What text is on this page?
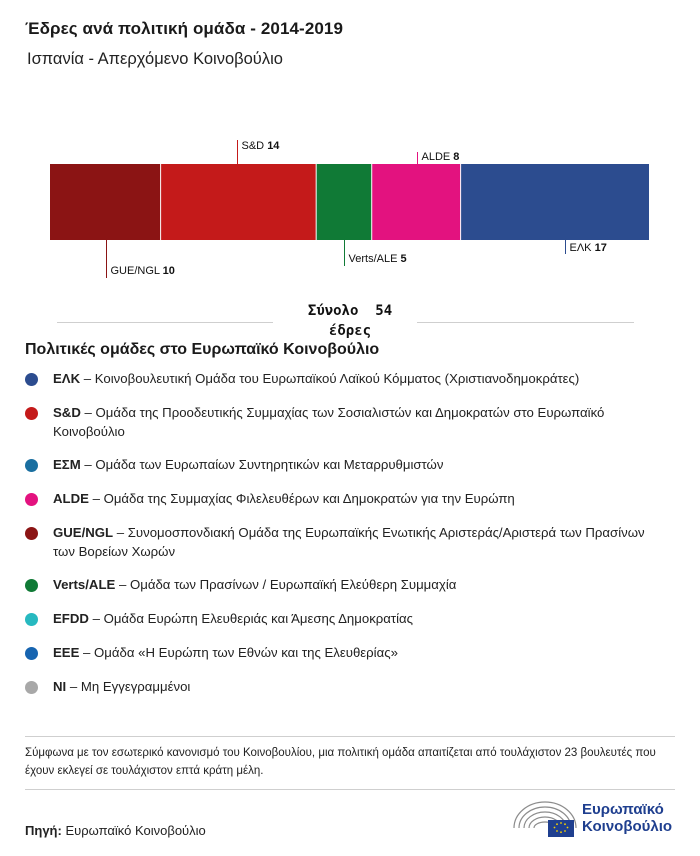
Έδρες ανά πολιτική ομάδα - 2014-2019
Ισπανία - Απερχόμενο Κοινοβούλιο
GUE/NGL 10
S&D 14
Verts/ALE 5
ALDE 8
ΕΛΚ 17
Σύνολο 54
έδρες
Πολιτικές ομάδες στο Ευρωπαϊκό Κοινοβούλιο
ΕΛΚ – Κοινοβουλευτική Ομάδα του Ευρωπαϊκού Λαϊκού Κόμματος (Χριστιανοδημοκράτες)
S&D – Ομάδα της Προοδευτικής Συμμαχίας των Σοσιαλιστών και Δημοκρατών στο Ευρωπαϊκό Κοινοβούλιο
ΕΣΜ – Ομάδα των Ευρωπαίων Συντηρητικών και Μεταρρυθμιστών
ALDE – Ομάδα της Συμμαχίας Φιλελευθέρων και Δημοκρατών για την Ευρώπη
GUE/NGL – Συνομοσπονδιακή Ομάδα της Ευρωπαϊκής Ενωτικής Αριστεράς/Αριστερά των Πρασίνων των Βορείων Χωρών
Verts/ALE – Ομάδα των Πρασίνων / Ευρωπαϊκή Ελεύθερη Συμμαχία
EFDD – Ομάδα Ευρώπη Ελευθεριάς και Άμεσης Δημοκρατίας
ΕΕΕ – Ομάδα «Η Ευρώπη των Εθνών και της Ελευθερίας»
NI – Μη Εγγεγραμμένοι
Σύμφωνα με τον εσωτερικό κανονισμό του Κοινοβουλίου, μια πολιτική ομάδα απαιτίζεται από τουλάχιστον 23 βουλευτές που έχουν εκλεγεί σε τουλάχιστον επτά κράτη μέλη.
Πηγή: Ευρωπαϊκό Κοινοβούλιο
Ευρωπαϊκό
Κοινοβούλιο
